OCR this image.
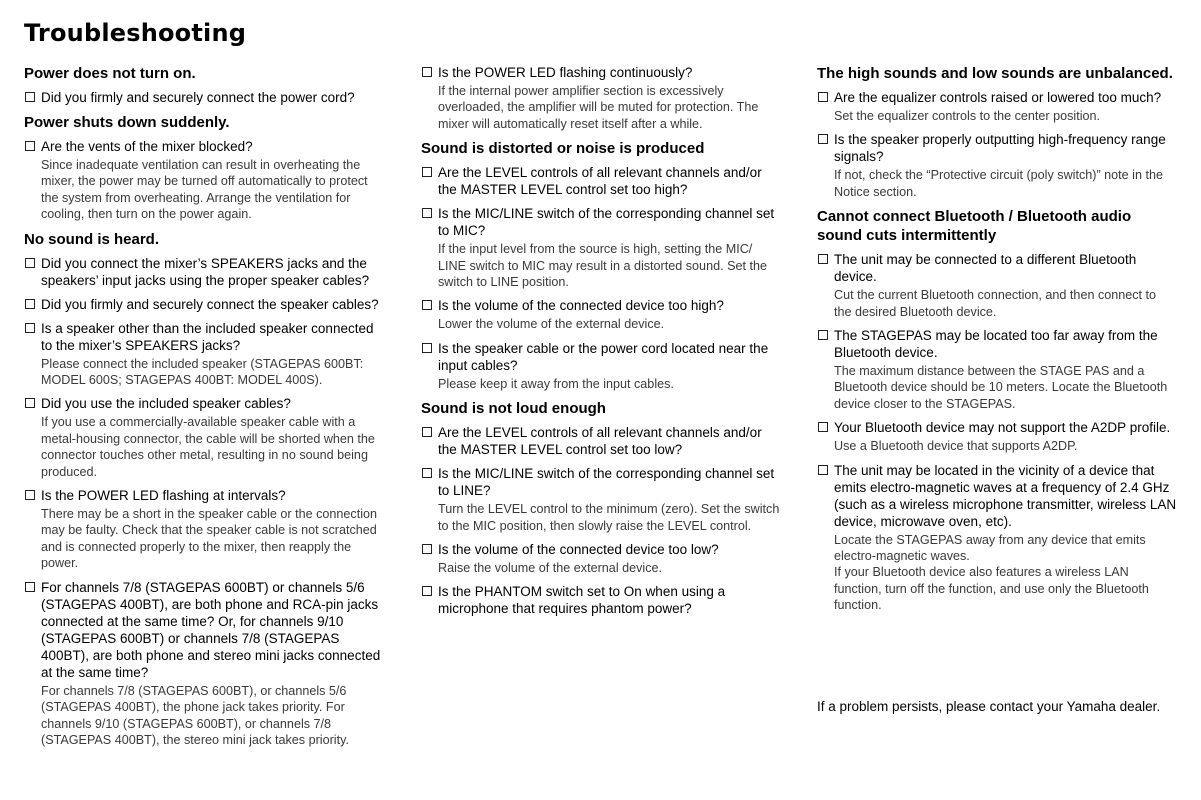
Troubleshooting
Power does not turn on.
Did you firmly and securely connect the power cord?
Power shuts down suddenly.
Are the vents of the mixer blocked?

Since inadequate ventilation can result in overheating the mixer, the power may be turned off automatically to protect the system from overheating. Arrange the ventilation for cooling, then turn on the power again.

No sound is heard.
Did you connect the mixer’s SPEAKERS jacks and the speakers’ input jacks using the proper speaker cables?
Did you firmly and securely connect the speaker cables?
Is a speaker other than the included speaker connected to the mixer’s SPEAKERS jacks?

Please connect the included speaker (STAGEPAS 600BT: MODEL 600S; STAGEPAS 400BT: MODEL 400S).

Did you use the included speaker cables?

If you use a commercially-available speaker cable with a metal-housing connector, the cable will be shorted when the connector touches other metal, resulting in no sound being produced.

Is the POWER LED flashing at intervals?

There may be a short in the speaker cable or the connection may be faulty. Check that the speaker cable is not scratched and is connected properly to the mixer, then reapply the power.

For channels 7/8 (STAGEPAS 600BT) or channels 5/6 (STAGEPAS 400BT), are both phone and RCA-pin jacks connected at the same time? Or, for channels 9/10 (STAGEPAS 600BT) or channels 7/8 (STAGEPAS 400BT), are both phone and stereo mini jacks connected at the same time?

For channels 7/8 (STAGEPAS 600BT), or channels 5/6 (STAGEPAS 400BT), the phone jack takes priority. For channels 9/10 (STAGEPAS 600BT), or channels 7/8 (STAGEPAS 400BT), the stereo mini jack takes priority.

Is the POWER LED flashing continuously?

If the internal power amplifier section is excessively overloaded, the amplifier will be muted for protection. The mixer will automatically reset itself after a while.

Sound is distorted or noise is produced
Are the LEVEL controls of all relevant channels and/or the MASTER LEVEL control set too high?
Is the MIC/LINE switch of the corresponding channel set to MIC?

If the input level from the source is high, setting the MIC/ LINE switch to MIC may result in a distorted sound. Set the switch to LINE position.

Is the volume of the connected device too high?

Lower the volume of the external device.

Is the speaker cable or the power cord located near the input cables?

Please keep it away from the input cables.

Sound is not loud enough
Are the LEVEL controls of all relevant channels and/or the MASTER LEVEL control set too low?
Is the MIC/LINE switch of the corresponding channel set to LINE?

Turn the LEVEL control to the minimum (zero). Set the switch to the MIC position, then slowly raise the LEVEL control.

Is the volume of the connected device too low?

Raise the volume of the external device.

Is the PHANTOM switch set to On when using a microphone that requires phantom power?
The high sounds and low sounds are unbalanced.
Are the equalizer controls raised or lowered too much?

Set the equalizer controls to the center position.

Is the speaker properly outputting high-frequency range signals?

If not, check the “Protective circuit (poly switch)” note in the Notice section.

Cannot connect Bluetooth / Bluetooth audio sound cuts intermittently
The unit may be connected to a different Bluetooth device.

Cut the current Bluetooth connection, and then connect to the desired Bluetooth device.

The STAGEPAS may be located too far away from the Bluetooth device.

The maximum distance between the STAGE PAS and a Bluetooth device should be 10 meters. Locate the Bluetooth device closer to the STAGEPAS.

Your Bluetooth device may not support the A2DP profile.

Use a Bluetooth device that supports A2DP.

The unit may be located in the vicinity of a device that emits electro-magnetic waves at a frequency of 2.4 GHz (such as a wireless microphone transmitter, wireless LAN device, microwave oven, etc).

Locate the STAGEPAS away from any device that emits electro-magnetic waves.

If your Bluetooth device also features a wireless LAN function, turn off the function, and use only the Bluetooth function.

If a problem persists, please contact your Yamaha dealer.
